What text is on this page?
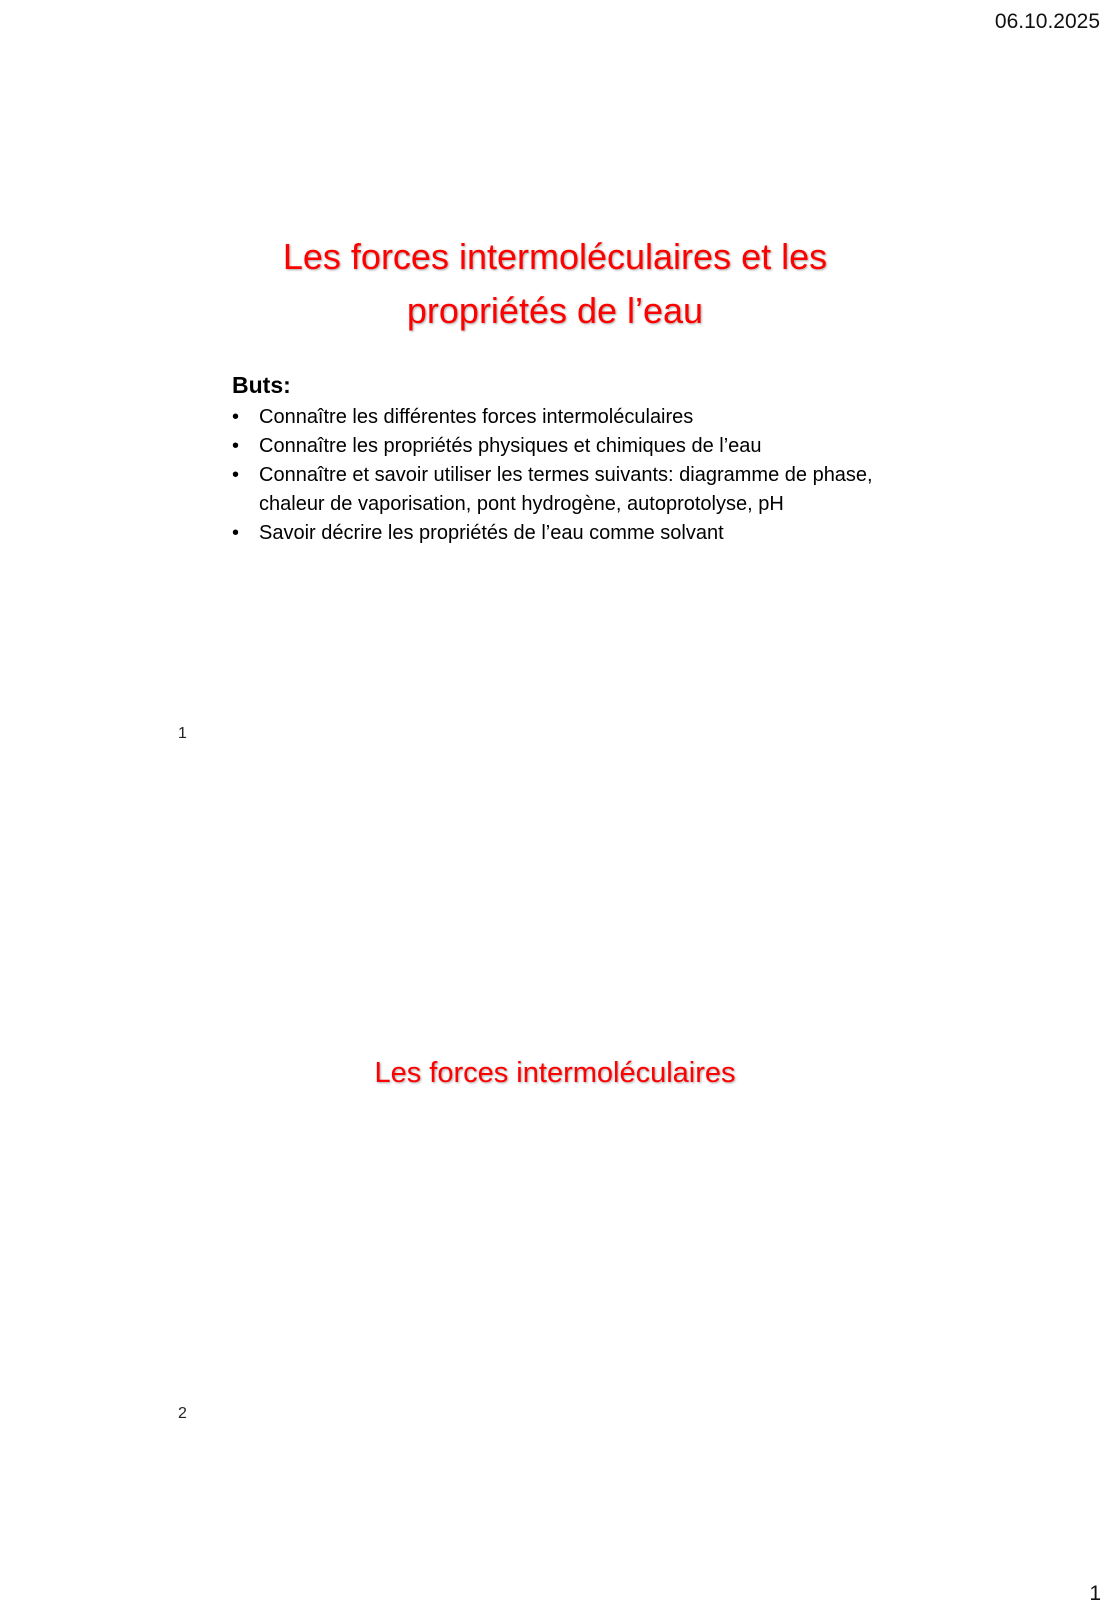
06.10.2025
Les forces intermoléculaires et les
propriétés de l’eau

Buts:

• Connaître les différentes forces intermoléculaires
• Connaître les propriétés physiques et chimiques de l’eau
• Connaître et savoir utiliser les termes suivants: diagramme de phase, chaleur de vaporisation, pont hydrogène, autoprotolyse, pH
• Savoir décrire les propriétés de l’eau comme solvant
1
Les forces intermoléculaires
2
1
